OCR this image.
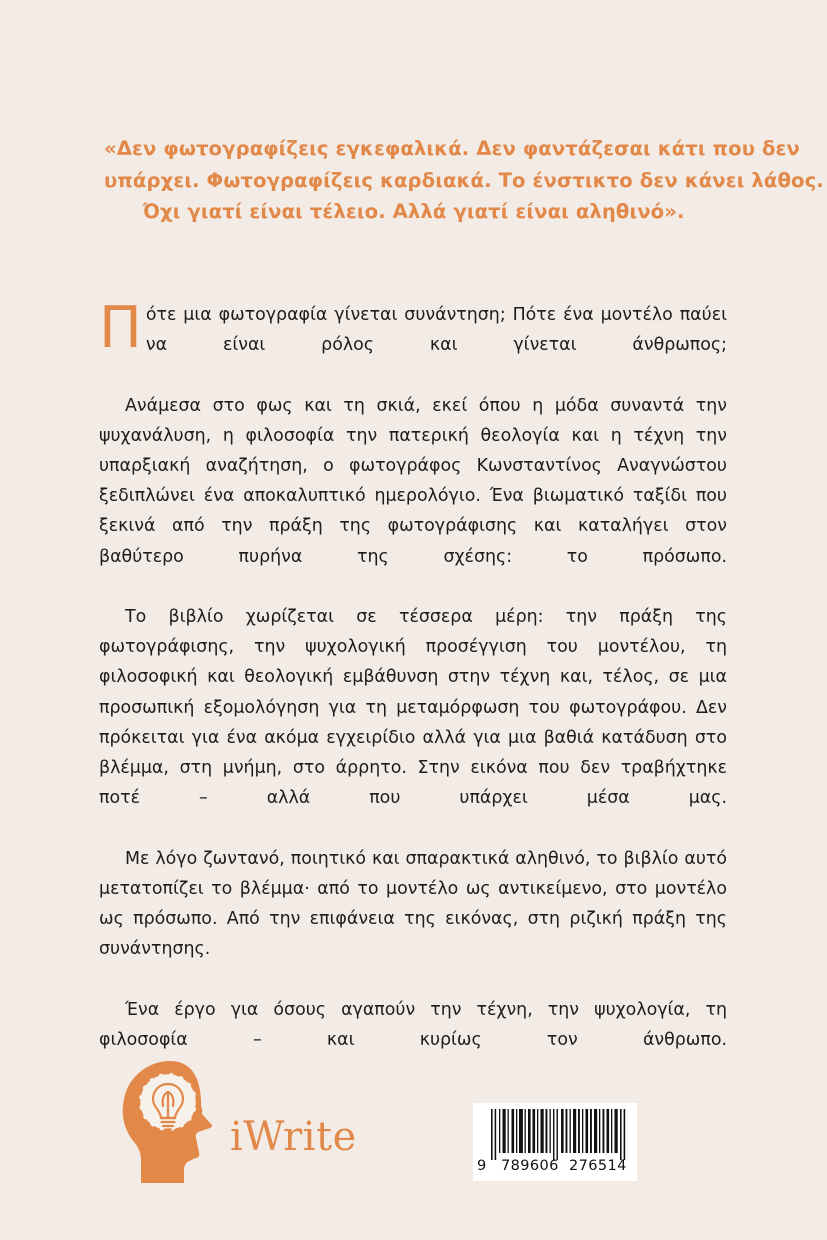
«Δεν φωτογραφίζεις εγκεφαλικά. Δεν φαντάζεσαι κάτι που δεν
υπάρχει. Φωτογραφίζεις καρδιακά. Το ένστικτο δεν κάνει λάθος.
Όχι γιατί είναι τέλειο. Αλλά γιατί είναι αληθινό».

Πότε μια φωτογραφία γίνεται συνάντηση; Πότε ένα μοντέλο παύει να είναι ρόλος και γίνεται άνθρωπος;

Ανάμεσα στο φως και τη σκιά, εκεί όπου η μόδα συναντά την ψυχανάλυση, η φιλοσοφία την πατερική θεολογία και η τέχνη την υπαρξιακή αναζήτηση, ο φωτογράφος Κωνσταντίνος Αναγνώστου ξεδιπλώνει ένα αποκαλυπτικό ημερολόγιο. Ένα βιωματικό ταξίδι που ξεκινά από την πράξη της φωτογράφισης και καταλήγει στον βαθύτερο πυρήνα της σχέσης: το πρόσωπο.

Το βιβλίο χωρίζεται σε τέσσερα μέρη: την πράξη της φωτογράφισης, την ψυχολογική προσέγγιση του μοντέλου, τη φιλοσοφική και θεολογική εμβάθυνση στην τέχνη και, τέλος, σε μια προσωπική εξομολόγηση για τη μεταμόρφωση του φωτογράφου. Δεν πρόκειται για ένα ακόμα εγχειρίδιο αλλά για μια βαθιά κατάδυση στο βλέμμα, στη μνήμη, στο άρρητο. Στην εικόνα που δεν τραβήχτηκε ποτέ – αλλά που υπάρχει μέσα μας.

Με λόγο ζωντανό, ποιητικό και σπαρακτικά αληθινό, το βιβλίο αυτό μετατοπίζει το βλέμμα· από το μοντέλο ως αντικείμενο, στο μοντέλο ως πρόσωπο. Από την επιφάνεια της εικόνας, στη ριζική πράξη της συνάντησης.

Ένα έργο για όσους αγαπούν την τέχνη, την ψυχολογία, τη φιλοσοφία – και κυρίως τον άνθρωπο.

iWrite
9 789606 276514
